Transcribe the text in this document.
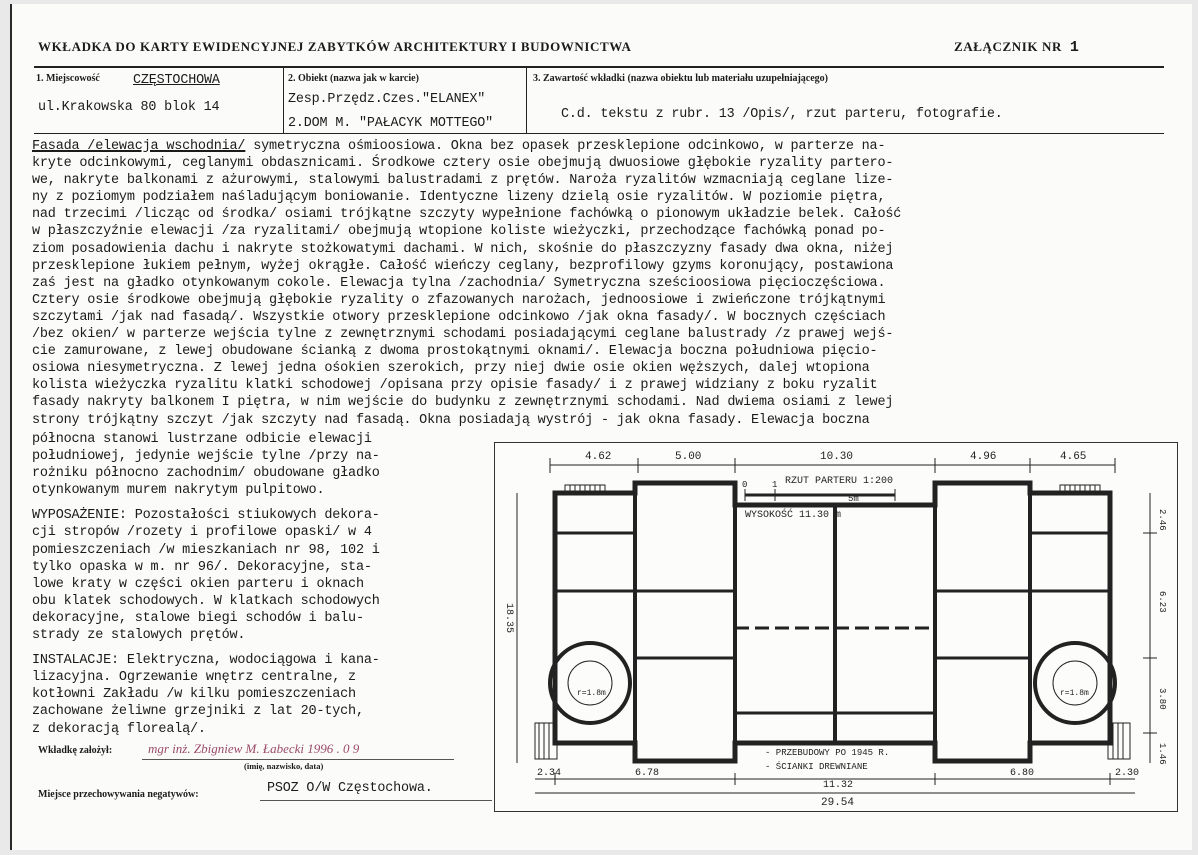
WKŁADKA DO KARTY EWIDENCYJNEJ ZABYTKÓW ARCHITEKTURY I BUDOWNICTWA	ZAŁĄCZNIK NR 1
1. Miejscowość CZĘSTOCHOWA
ul.Krakowska 80 blok 14
2. Obiekt (nazwa jak w karcie)
Zesp.Przędz.Czes."ELANEX"
2.DOM M. "PAŁACYK MOTTEGO"
3. Zawartość wkładki (nazwa obiektu lub materiału uzupełniającego)
C.d. tekstu z rubr. 13 /Opis/, rzut parteru, fotografie.
Fasada /elewacja wschodnia/ symetryczna ośmioosiowa. Okna bez opasek przesklepione odcinkowo, w parterze na-
kryte odcinkowymi, ceglanymi obdasznicami. Środkowe cztery osie obejmują dwuosiowe głębokie ryzality partero-
we, nakryte balkonami z ażurowymi, stalowymi balustradami z prętów. Naroża ryzalitów wzmacniają ceglane lize-
ny z poziomym podziałem naśladującym boniowanie. Identyczne lizeny dzielą osie ryzalitów. W poziomie piętra,
nad trzecimi /licząc od środka/ osiami trójkątne szczyty wypełnione fachówką o pionowym układzie belek. Całość
w płaszczyźnie elewacji /za ryzalitami/ obejmują wtopione koliste wieżyczki, przechodzące fachówką ponad po-
ziom posadowienia dachu i nakryte stożkowatymi dachami. W nich, skośnie do płaszczyzny fasady dwa okna, niżej
przesklepione łukiem pełnym, wyżej okrągłe. Całość wieńczy ceglany, bezprofilowy gzyms koronujący, postawiona
zaś jest na gładko otynkowanym cokole. Elewacja tylna /zachodnia/ Symetryczna sześcioosiowa pięcioczęściowa.
Cztery osie środkowe obejmują głębokie ryzality o zfazowanych narożach, jednoosiowe i zwieńczone trójkątnymi
szczytami /jak nad fasadą/. Wszystkie otwory przesklepione odcinkowo /jak okna fasady/. W bocznych częściach
/bez okien/ w parterze wejścia tylne z zewnętrznymi schodami posiadającymi ceglane balustrady /z prawej wejś-
cie zamurowane, z lewej obudowane ścianką z dwoma prostokątnymi oknami/. Elewacja boczna południowa pięcio-
osiowa niesymetryczna. Z lewej jedna ośokien szerokich, przy niej dwie osie okien węższych, dalej wtopiona
kolista wieżyczka ryzalitu klatki schodowej /opisana przy opisie fasady/ i z prawej widziany z boku ryzalit
fasady nakryty balkonem I piętra, w nim wejście do budynku z zewnętrznymi schodami. Nad dwiema osiami z lewej
strony trójkątny szczyt /jak szczyty nad fasadą. Okna posiadają wystrój - jak okna fasady. Elewacja boczna
północna stanowi lustrzane odbicie elewacji
południowej, jedynie wejście tylne /przy na-
rożniku północno zachodnim/ obudowane gładko
otynkowanym murem nakrytym pulpitowo.
WYPOSAŻENIE: Pozostałości stiukowych dekora-
cji stropów /rozety i profilowe opaski/ w 4
pomieszczeniach /w mieszkaniach nr 98, 102 i
tylko opaska w m. nr 96/. Dekoracyjne, sta-
lowe kraty w części okien parteru i oknach
obu klatek schodowych. W klatkach schodowych
dekoracyjne, stalowe biegi schodów i balu-
strady ze stalowych prętów.
INSTALACJE: Elektryczna, wodociągowa i kana-
lizacyjna. Ogrzewanie wnętrz centralne, z
kotłowni Zakładu /w kilku pomieszczeniach
zachowane żeliwne grzejniki z lat 20-tych,
z dekoracją florealą/.
Wkładkę założył:	mgr inż. Zbigniew M. Łabecki 1996 . 0 9
(imię, nazwisko, data)
Miejsce przechowywania negatywów:	PSOZ O/W Częstochowa.
4.62	5.00	10.30	4.96	4.65
RZUT PARTERU 1:200
0	1
5m
WYSOKOŚĆ 11.30 m
r=1.8m	r=1.8m
- PRZEBUDOWY PO 1945 R.
- ŚCIANKI DREWNIANE
2.34	6.78
11.32
6.80	2.30
29.54
2.46
6.23
3.80
1.46
18.35
